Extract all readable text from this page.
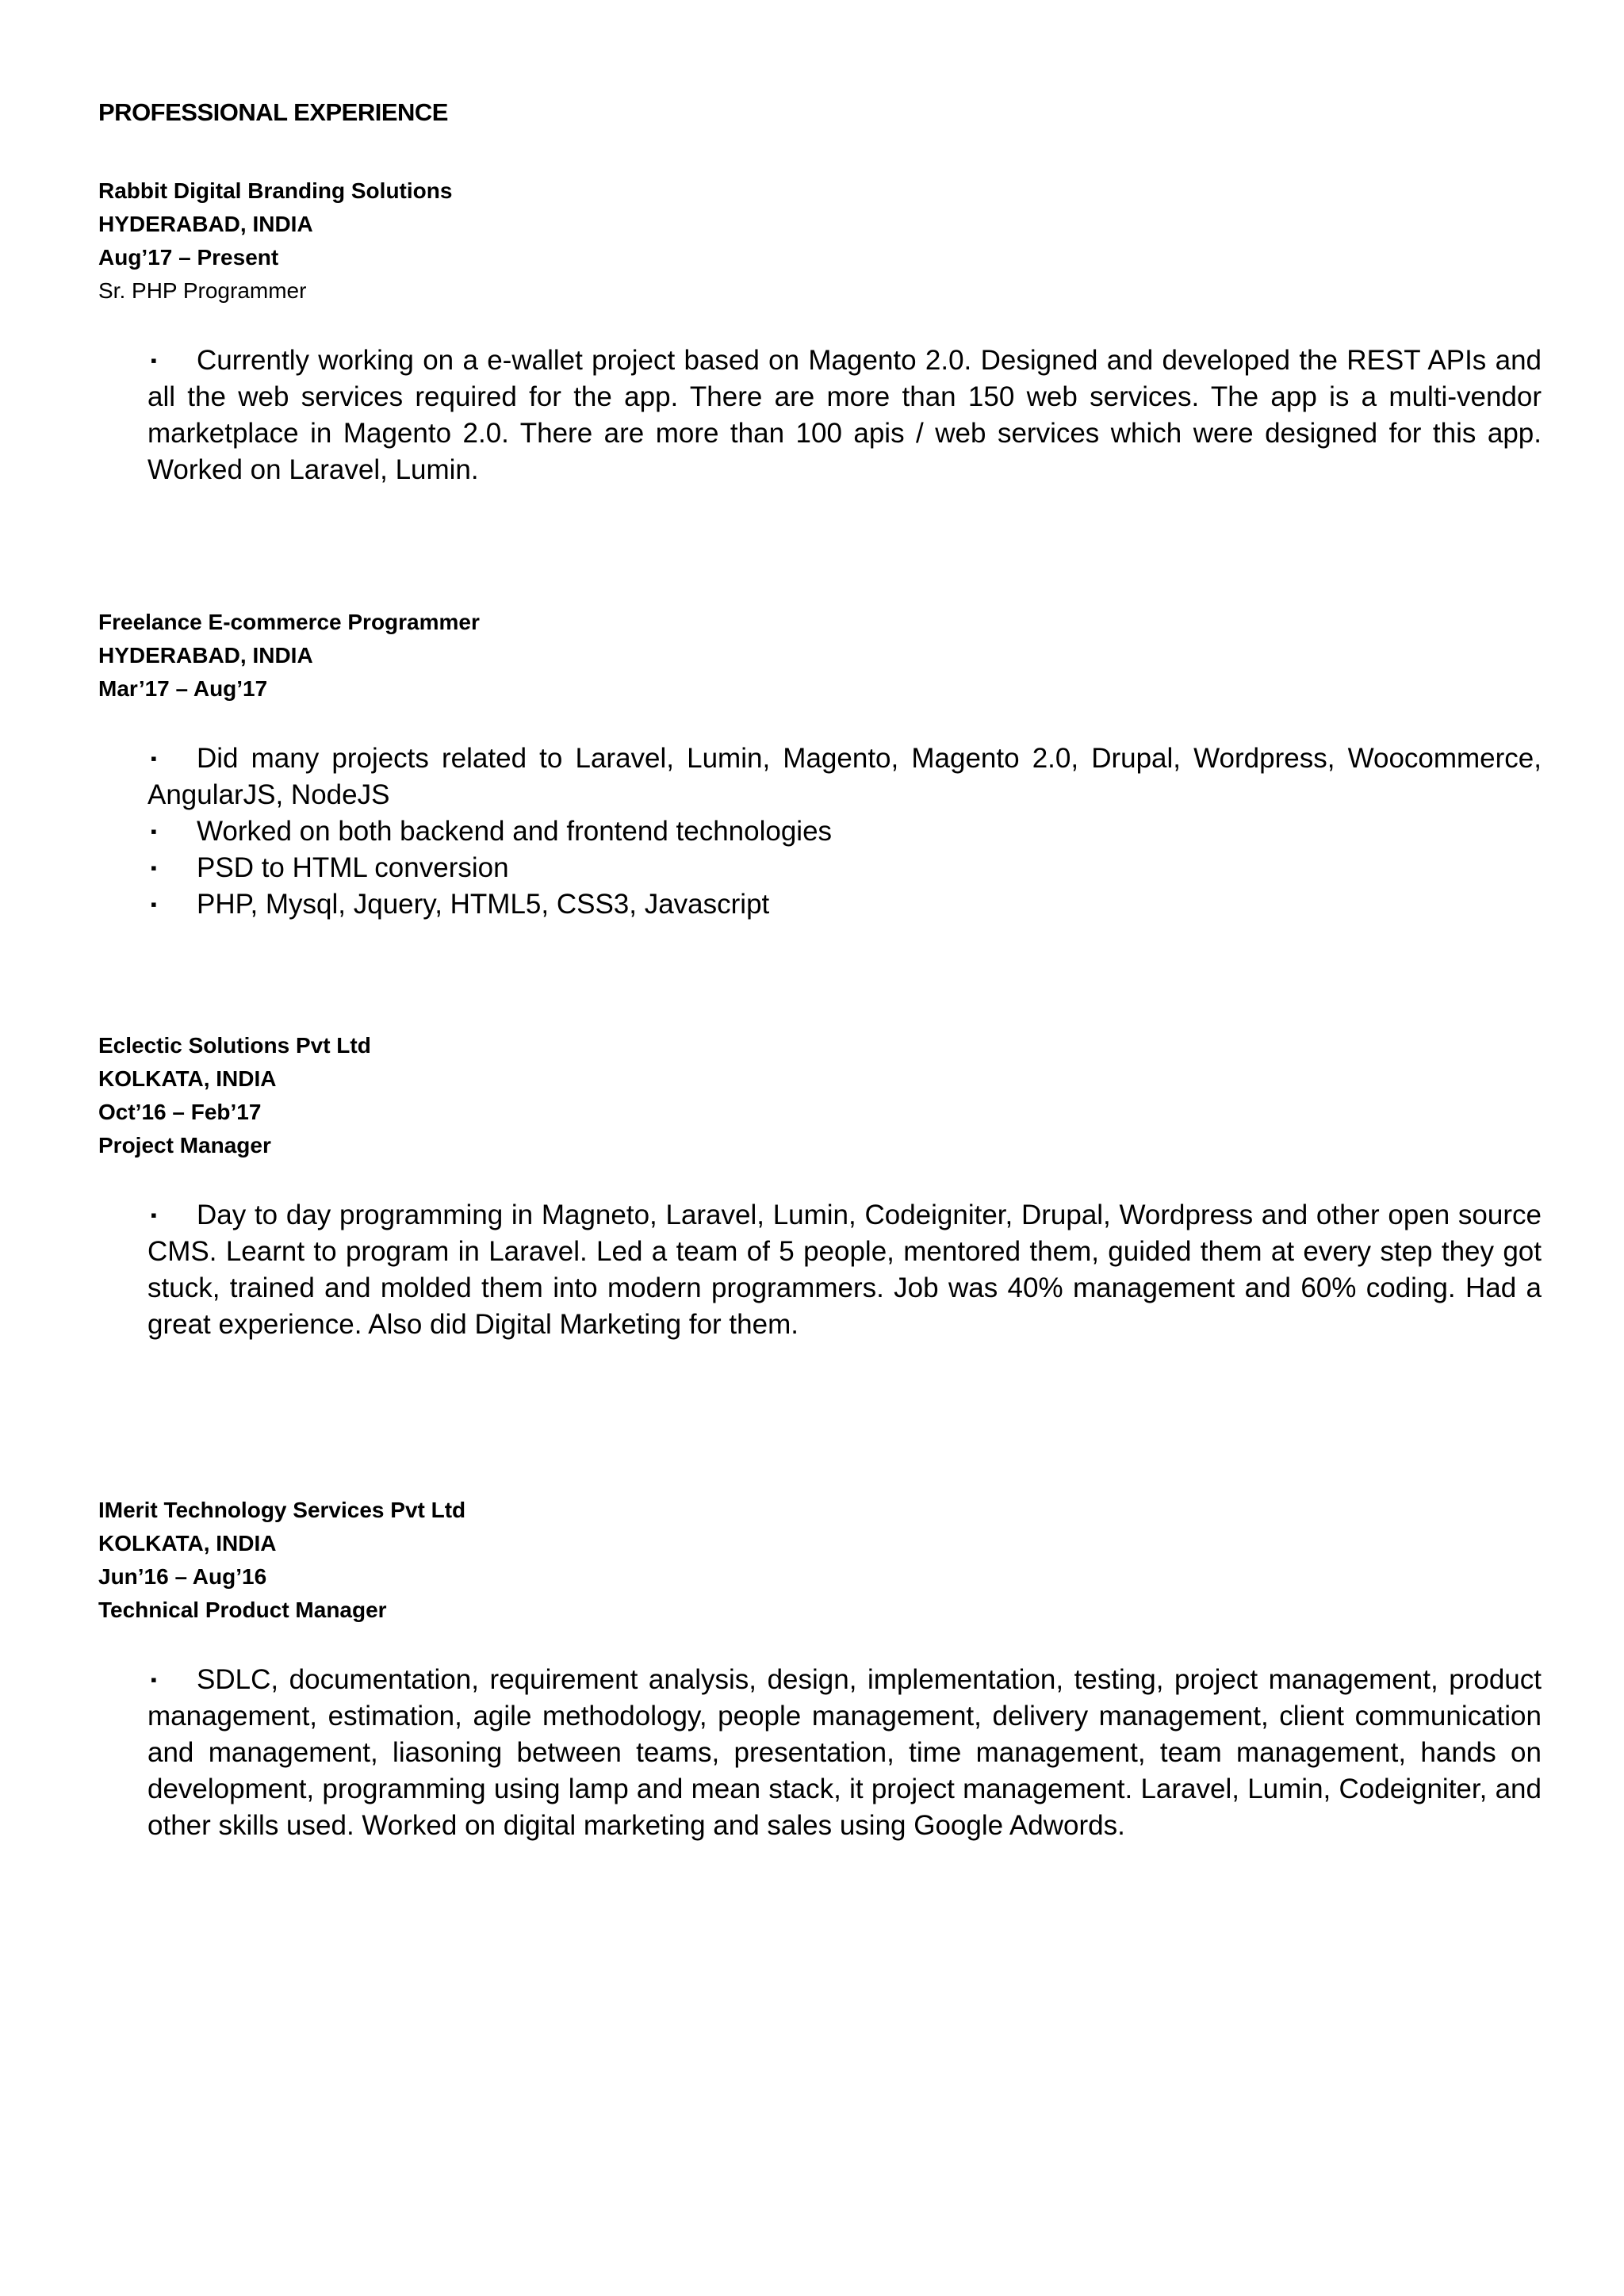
PROFESSIONAL EXPERIENCE

Rabbit Digital Branding Solutions

HYDERABAD, INDIA

Aug’17 – Present

Sr. PHP Programmer

▪ Currently working on a e-wallet project based on Magento 2.0. Designed and developed the REST APIs and all the web services required for the app. There are more than 150 web services. The app is a multi-vendor marketplace in Magento 2.0. There are more than 100 apis / web services which were designed for this app. Worked on Laravel, Lumin.

Freelance E-commerce Programmer

HYDERABAD, INDIA

Mar’17 – Aug’17

▪ Did many projects related to Laravel, Lumin, Magento, Magento 2.0, Drupal, Wordpress, Woocommerce, AngularJS, NodeJS
▪ Worked on both backend and frontend technologies
▪ PSD to HTML conversion
▪ PHP, Mysql, Jquery, HTML5, CSS3, Javascript

Eclectic Solutions Pvt Ltd

KOLKATA, INDIA

Oct’16 – Feb’17

Project Manager

▪ Day to day programming in Magneto, Laravel, Lumin, Codeigniter, Drupal, Wordpress and other open source CMS. Learnt to program in Laravel. Led a team of 5 people, mentored them, guided them at every step they got stuck, trained and molded them into modern programmers. Job was 40% management and 60% coding. Had a great experience. Also did Digital Marketing for them.

IMerit Technology Services Pvt Ltd

KOLKATA, INDIA

Jun’16 – Aug’16

Technical Product Manager

▪ SDLC, documentation, requirement analysis, design, implementation, testing, project management, product management, estimation, agile methodology, people management, delivery management, client communication and management, liasoning between teams, presentation, time management, team management, hands on development, programming using lamp and mean stack, it project management. Laravel, Lumin, Codeigniter, and other skills used. Worked on digital marketing and sales using Google Adwords.
